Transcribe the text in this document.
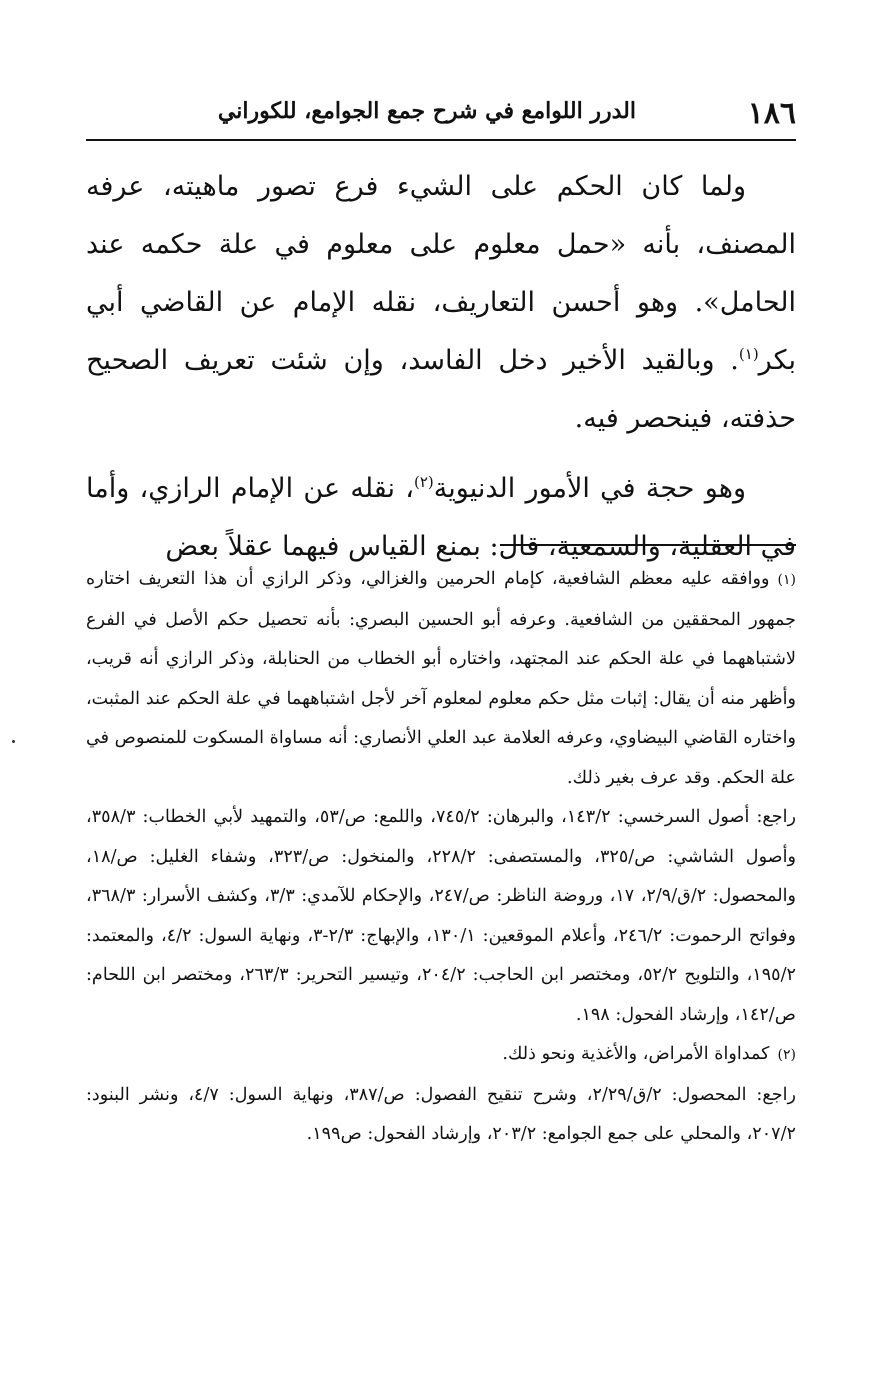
١٨٦
الدرر اللوامع في شرح جمع الجوامع، للكوراني

ولما كان الحكم على الشيء فرع تصور ماهيته، عرفه المصنف، بأنه «حمل معلوم على معلوم في علة حكمه عند الحامل». وهو أحسن التعاريف، نقله الإمام عن القاضي أبي بكر$^{(١)}$. وبالقيد الأخير دخل الفاسد، وإن شئت تعريف الصحيح حذفته، فينحصر فيه.

وهو حجة في الأمور الدنيوية$^{(٢)}$، نقله عن الإمام الرازي، وأما في العقلية، والسمعية، قال: بمنع القياس فيهما عقلاً بعض

(١)ووافقه عليه معظم الشافعية، كإمام الحرمين والغزالي، وذكر الرازي أن هذا التعريف اختاره جمهور المحققين من الشافعية. وعرفه أبو الحسين البصري: بأنه تحصيل حكم الأصل في الفرع لاشتباههما في علة الحكم عند المجتهد، واختاره أبو الخطاب من الحنابلة، وذكر الرازي أنه قريب، وأظهر منه أن يقال: إثبات مثل حكم معلوم لمعلوم آخر لأجل اشتباههما في علة الحكم عند المثبت، واختاره القاضي البيضاوي، وعرفه العلامة عبد العلي الأنصاري: أنه مساواة المسكوت للمنصوص في علة الحكم. وقد عرف بغير ذلك.

راجع: أصول السرخسي: ١٤٣/٢، والبرهان: ٧٤٥/٢، واللمع: ص/٥٣، والتمهيد لأبي الخطاب: ٣٥٨/٣، وأصول الشاشي: ص/٣٢٥، والمستصفى: ٢٢٨/٢، والمنخول: ص/٣٢٣، وشفاء الغليل: ص/١٨، والمحصول: ٢/ق/٢/٩، ١٧، وروضة الناظر: ص/٢٤٧، والإحكام للآمدي: ٣/٣، وكشف الأسرار: ٣٦٨/٣، وفواتح الرحموت: ٢٤٦/٢، وأعلام الموقعين: ١٣٠/١، والإبهاج: ٢/٣-٣، ونهاية السول: ٤/٢، والمعتمد: ١٩٥/٢، والتلويح ٥٢/٢، ومختصر ابن الحاجب: ٢٠٤/٢، وتيسير التحرير: ٢٦٣/٣، ومختصر ابن اللحام: ص/١٤٢، وإرشاد الفحول: ١٩٨.

(٢)كمداواة الأمراض، والأغذية ونحو ذلك.

راجع: المحصول: ٢/ق/٢/٢٩، وشرح تنقيح الفصول: ص/٣٨٧، ونهاية السول: ٤/٧، ونشر البنود: ٢٠٧/٢، والمحلي على جمع الجوامع: ٢٠٣/٢، وإرشاد الفحول: ص١٩٩.
